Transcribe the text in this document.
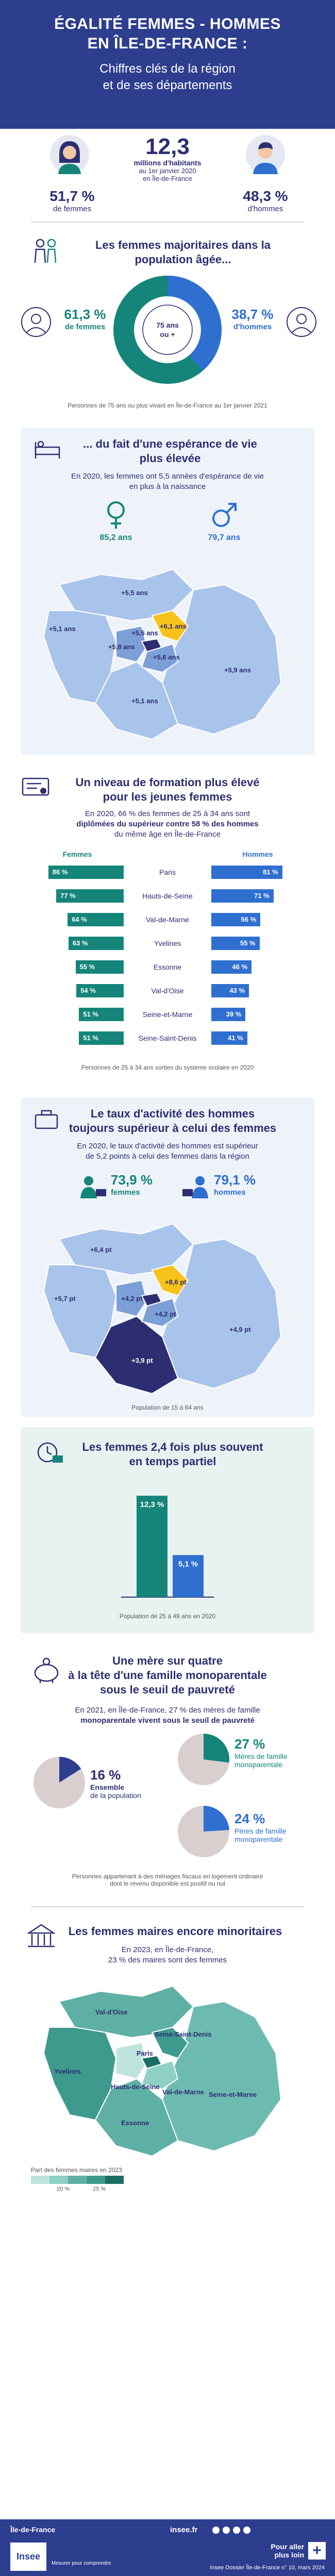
ÉGALITÉ FEMMES - HOMMES
EN ÎLE-DE-FRANCE :
Chiffres clés de la région
et de ses départements
12,3
millions d'habitants
au 1er janvier 2020
en Île-de-France
51,7 %
de femmes
48,3 %
d'hommes
Les femmes majoritaires dans la
population âgée...
61,3 %
de femmes	75 ans
ou +
38,7 %
d'hommes
Personnes de 75 ans ou plus vivant en Île-de-France au 1er janvier 2021
... du fait d'une espérance de vie
plus élevée
En 2020, les femmes ont 5,5 années d'espérance de vie
en plus à la naissance
85,2 ans	79,7 ans
+5,5 ans
+6,1 ans
+5,1 ans
+5,5 ans
+5,6 ans
+5,8 ans
+5,9 ans
+5,1 ans
Un niveau de formation plus élevé
pour les jeunes femmes
En 2020, 66 % des femmes de 25 à 34 ans sont
diplômées du supérieur contre 58 % des hommes
du même âge en Île-de-France
Femmes	Hommes
86 %	Paris	81 %
77 %	Hauts-de-Seine	71 %
64 %	Val-de-Marne	56 %
63 %	Yvelines	55 %
55 %	Essonne	46 %
54 %	Val-d'Oise	43 %
51 %	Seine-et-Marne	39 %
51 %	Seine-Saint-Denis	41 %
Personnes de 25 à 34 ans sorties du système scolaire en 2020
Le taux d'activité des hommes
toujours supérieur à celui des femmes
En 2020, le taux d'activité des hommes est supérieur
de 5,2 points à celui des femmes dans la région
73,9 %
femmes
79,1 %
hommes
+6,4 pt
+8,6 pt
+5,7 pt	+4,2 pt
+4,2 pt
+4,9 pt
+3,9 pt
Population de 15 à 64 ans
Les femmes 2,4 fois plus souvent
en temps partiel
12,3 %
5,1 %
Population de 25 à 49 ans en 2020
Une mère sur quatre
à la tête d'une famille monoparentale
sous le seuil de pauvreté
En 2021, en Île-de-France, 27 % des mères de famille
monoparentale vivent sous le seuil de pauvreté
16 %
Ensemble
de la population
27 %
Mères de famille
monoparentale
24 %
Pères de famille
monoparentale
Personnes appartenant à des ménages fiscaux en logement ordinaire
dont le revenu disponible est positif ou nul
Les femmes maires encore minoritaires
En 2023, en Île-de-France,
23 % des maires sont des femmes
Val-d'Oise
Seine-Saint-Denis
Yvelines
Paris
Hauts-de-Seine
Val-de-Marne Seine-et-Marne
Essonne
Part des femmes maires en 2023
20 %	25 %
Île-de-France	insee.fr
Insee
Mesurer pour comprendre
Pour aller
plus loin +
Insee Dossier Île-de-France n° 10, mars 2024
